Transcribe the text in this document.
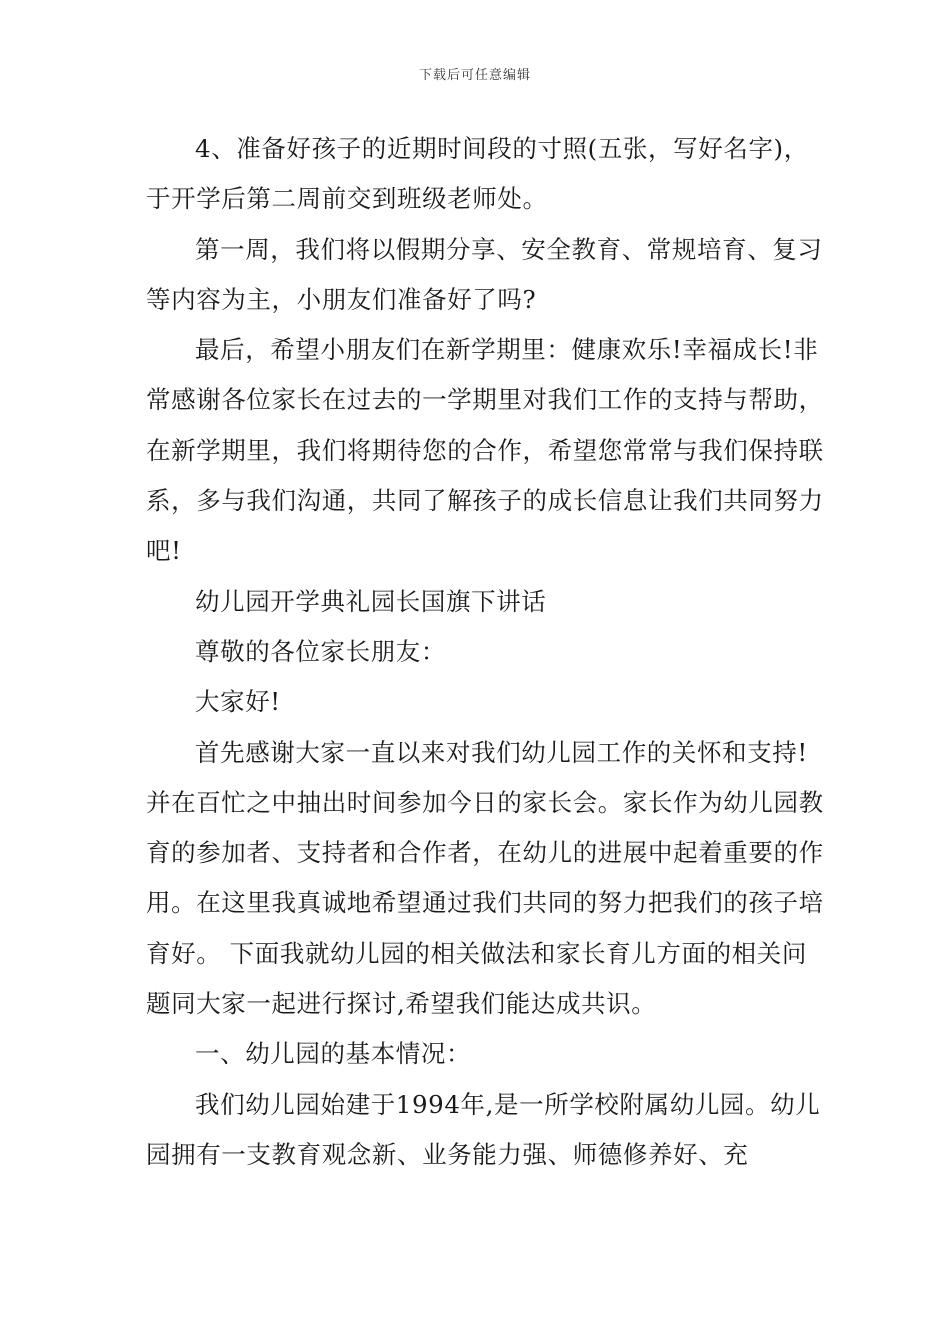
下载后可任意编辑

4、准备好孩子的近期时间段的寸照(五张，写好名字)，于开学后第二周前交到班级老师处。

第一周，我们将以假期分享、安全教育、常规培育、复习等内容为主，小朋友们准备好了吗?

最后，希望小朋友们在新学期里：健康欢乐!幸福成长!非常感谢各位家长在过去的一学期里对我们工作的支持与帮助，在新学期里，我们将期待您的合作，希望您常常与我们保持联系，多与我们沟通，共同了解孩子的成长信息让我们共同努力吧!

幼儿园开学典礼园长国旗下讲话

尊敬的各位家长朋友：

大家好!

首先感谢大家一直以来对我们幼儿园工作的关怀和支持!并在百忙之中抽出时间参加今日的家长会。家长作为幼儿园教育的参加者、支持者和合作者，在幼儿的进展中起着重要的作用。在这里我真诚地希望通过我们共同的努力把我们的孩子培育好。 下面我就幼儿园的相关做法和家长育儿方面的相关问题同大家一起进行探讨,希望我们能达成共识。

一、幼儿园的基本情况：

我们幼儿园始建于1994年,是一所学校附属幼儿园。幼儿园拥有一支教育观念新、业务能力强、师德修养好、充
